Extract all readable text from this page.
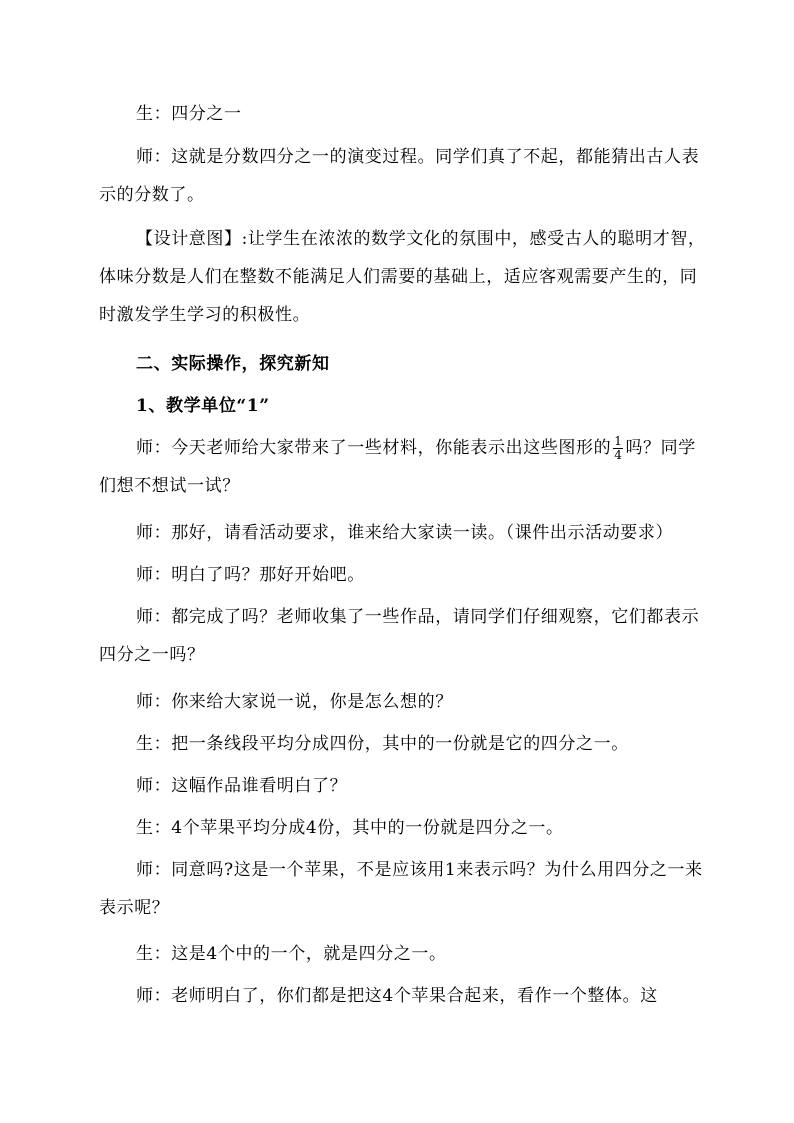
生：四分之一
师：这就是分数四分之一的演变过程。同学们真了不起，都能猜出古人表示的分数了。
【设计意图】:让学生在浓浓的数学文化的氛围中，感受古人的聪明才智，体味分数是人们在整数不能满足人们需要的基础上，适应客观需要产生的，同时激发学生学习的积极性。
二、实际操作，探究新知
1、教学单位“1”
师：今天老师给大家带来了一些材料，你能表示出这些图形的 $\frac{1}{4}$ 吗？同学们想不想试一试？
师：那好，请看活动要求，谁来给大家读一读。（课件出示活动要求）
师：明白了吗？那好开始吧。
师：都完成了吗？老师收集了一些作品，请同学们仔细观察，它们都表示四分之一吗？
师：你来给大家说一说，你是怎么想的？
生：把一条线段平均分成四份，其中的一份就是它的四分之一。
师：这幅作品谁看明白了？
生：4个苹果平均分成4份，其中的一份就是四分之一。
师：同意吗?这是一个苹果，不是应该用1来表示吗？为什么用四分之一来表示呢？
生：这是4个中的一个，就是四分之一。
师：老师明白了，你们都是把这4个苹果合起来，看作一个整体。这
